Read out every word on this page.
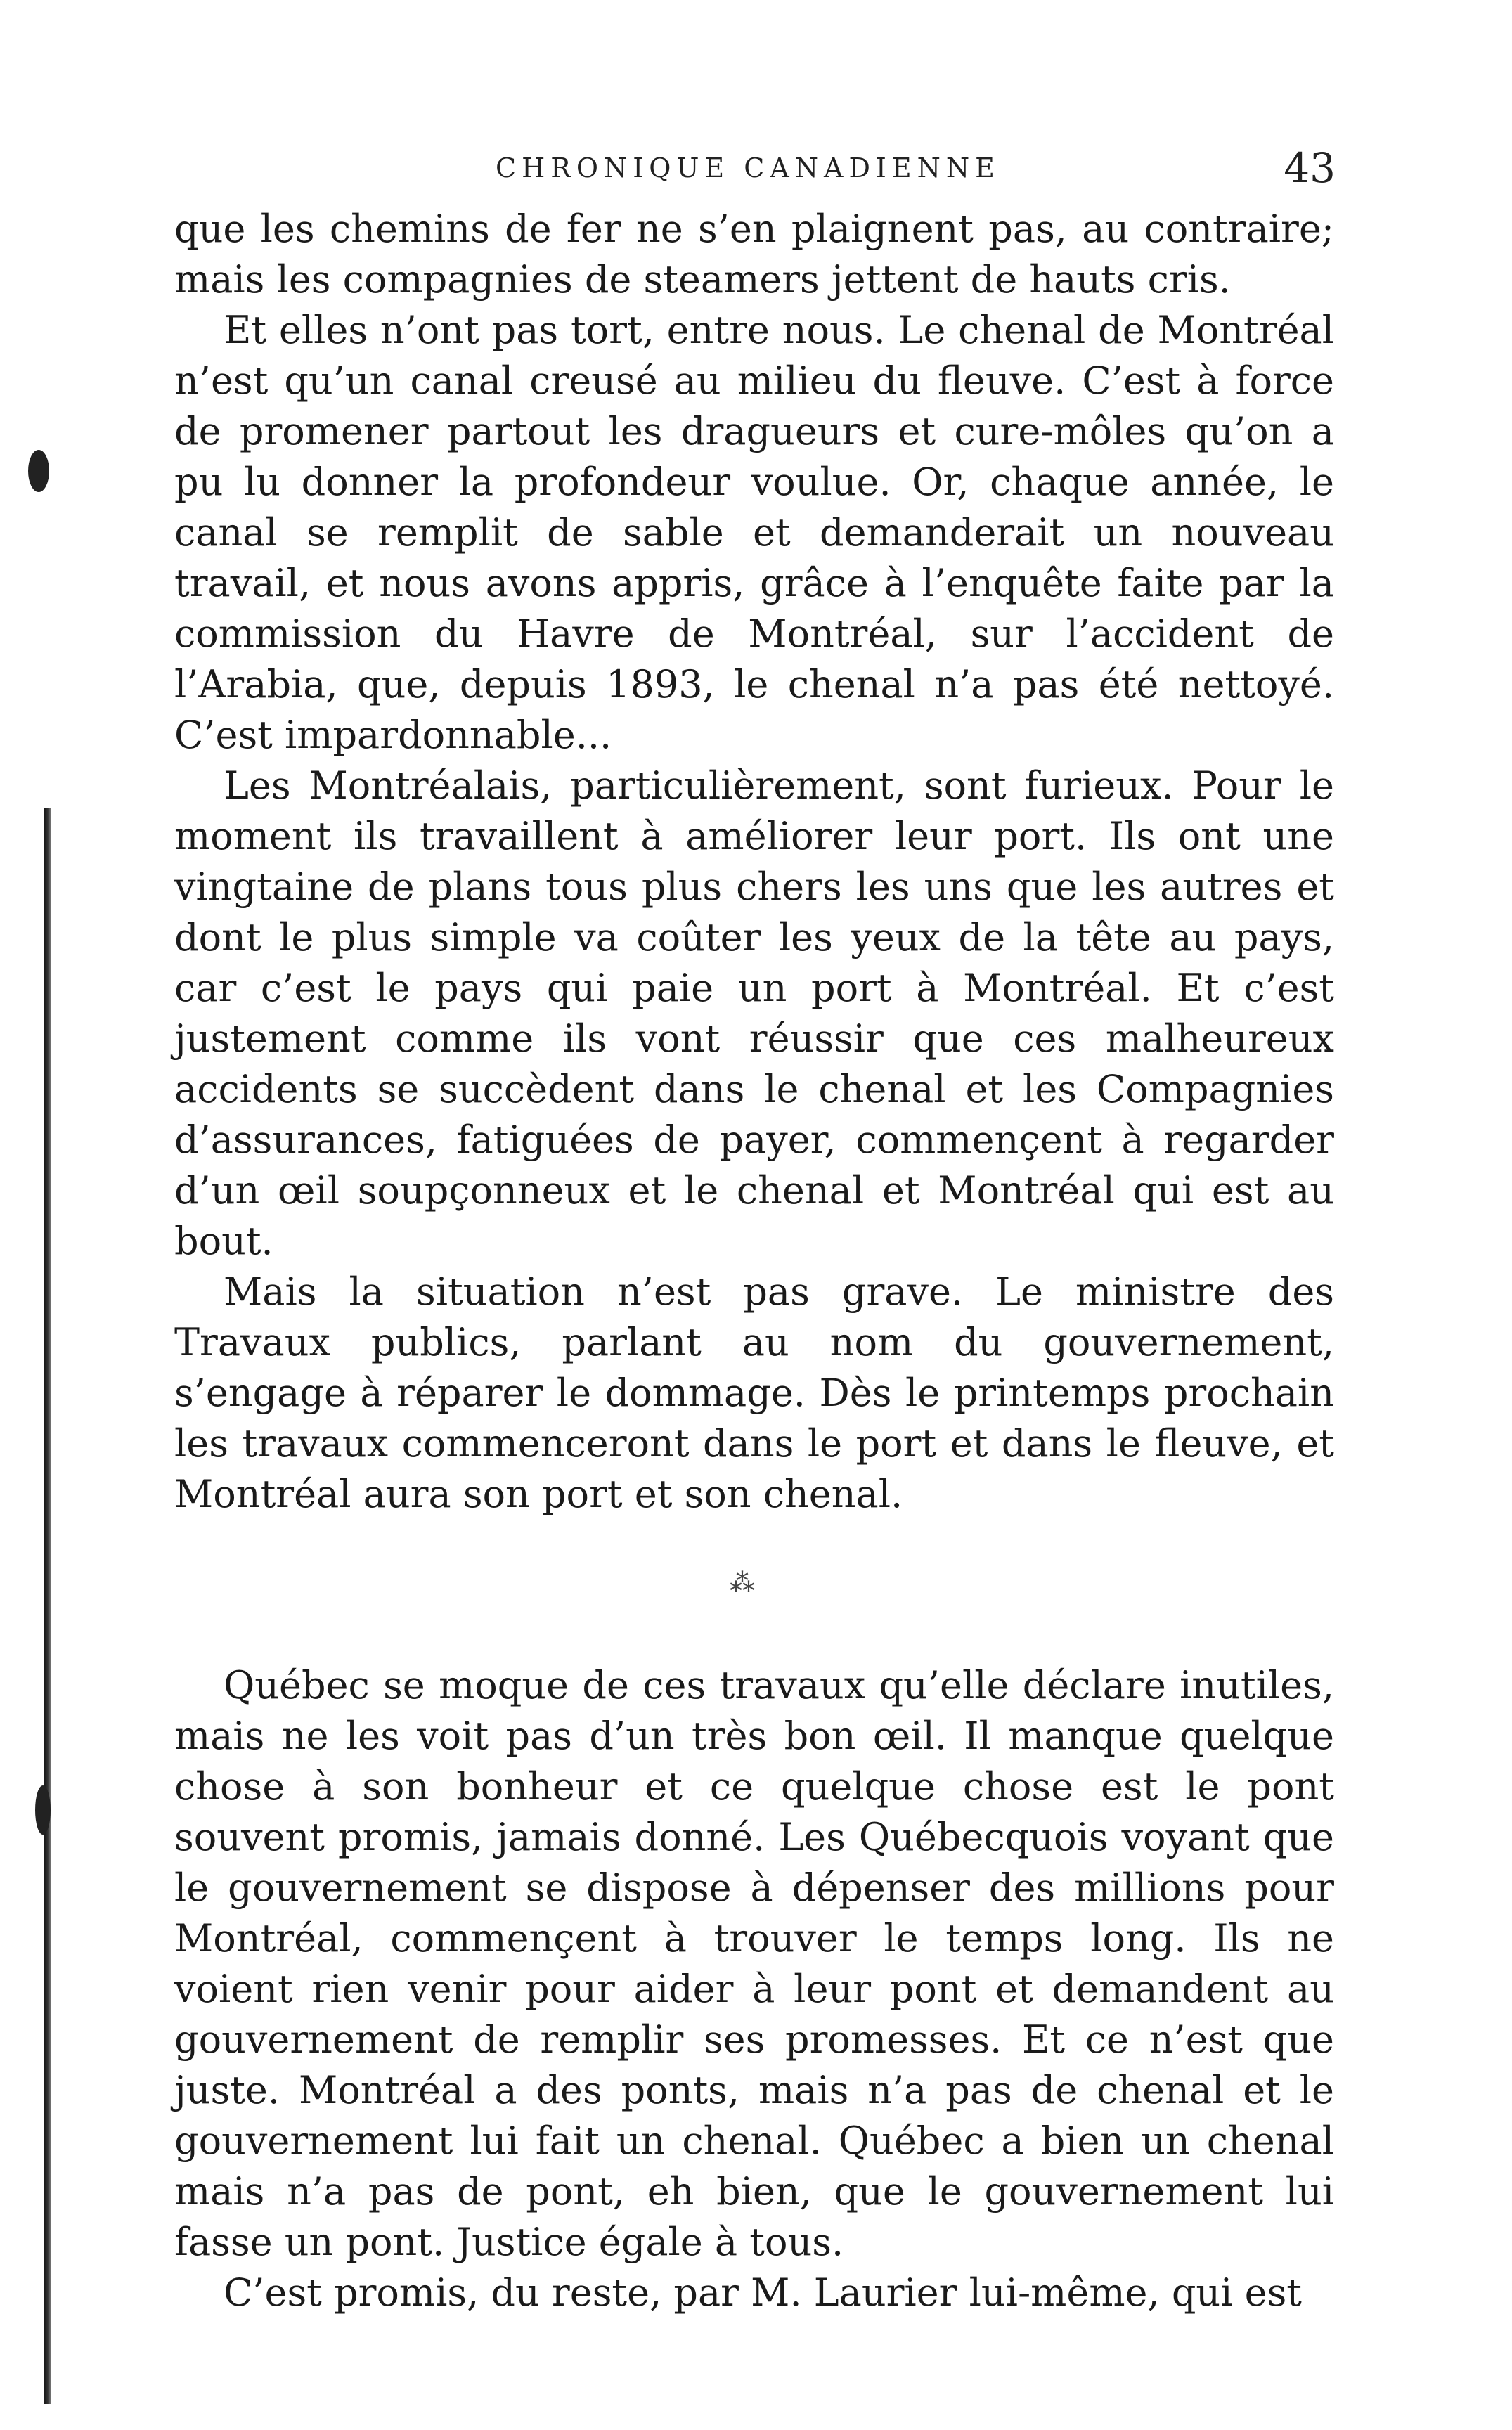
CHRONIQUE CANADIENNE	43

que les chemins de fer ne s’en plaignent pas, au contraire; mais les compagnies de steamers jettent de hauts cris.

Et elles n’ont pas tort, entre nous. Le chenal de Montréal n’est qu’un canal creusé au milieu du fleuve. C’est à force de promener partout les dragueurs et cure-môles qu’on a pu lu donner la profondeur voulue. Or, chaque année, le canal se remplit de sable et demanderait un nouveau travail, et nous avons appris, grâce à l’enquête faite par la commission du Havre de Montréal, sur l’accident de l’Arabia, que, depuis 1893, le chenal n’a pas été nettoyé. C’est impardonnable...

Les Montréalais, particulièrement, sont furieux. Pour le moment ils travaillent à améliorer leur port. Ils ont une vingtaine de plans tous plus chers les uns que les autres et dont le plus simple va coûter les yeux de la tête au pays, car c’est le pays qui paie un port à Montréal. Et c’est justement comme ils vont réussir que ces malheureux accidents se succèdent dans le chenal et les Compagnies d’assurances, fatiguées de payer, commençent à regarder d’un œil soupçonneux et le chenal et Montréal qui est au bout.

Mais la situation n’est pas grave. Le ministre des Travaux publics, parlant au nom du gouvernement, s’engage à réparer le dommage. Dès le printemps prochain les travaux commenceront dans le port et dans le fleuve, et Montréal aura son port et son chenal.

⁂

Québec se moque de ces travaux qu’elle déclare inutiles, mais ne les voit pas d’un très bon œil. Il manque quelque chose à son bonheur et ce quelque chose est le pont souvent promis, jamais donné. Les Québecquois voyant que le gouvernement se dispose à dépenser des millions pour Montréal, commençent à trouver le temps long. Ils ne voient rien venir pour aider à leur pont et demandent au gouvernement de remplir ses promesses. Et ce n’est que juste. Montréal a des ponts, mais n’a pas de chenal et le gouvernement lui fait un chenal. Québec a bien un chenal mais n’a pas de pont, eh bien, que le gouvernement lui fasse un pont. Justice égale à tous.

C’est promis, du reste, par M. Laurier lui-même, qui est
